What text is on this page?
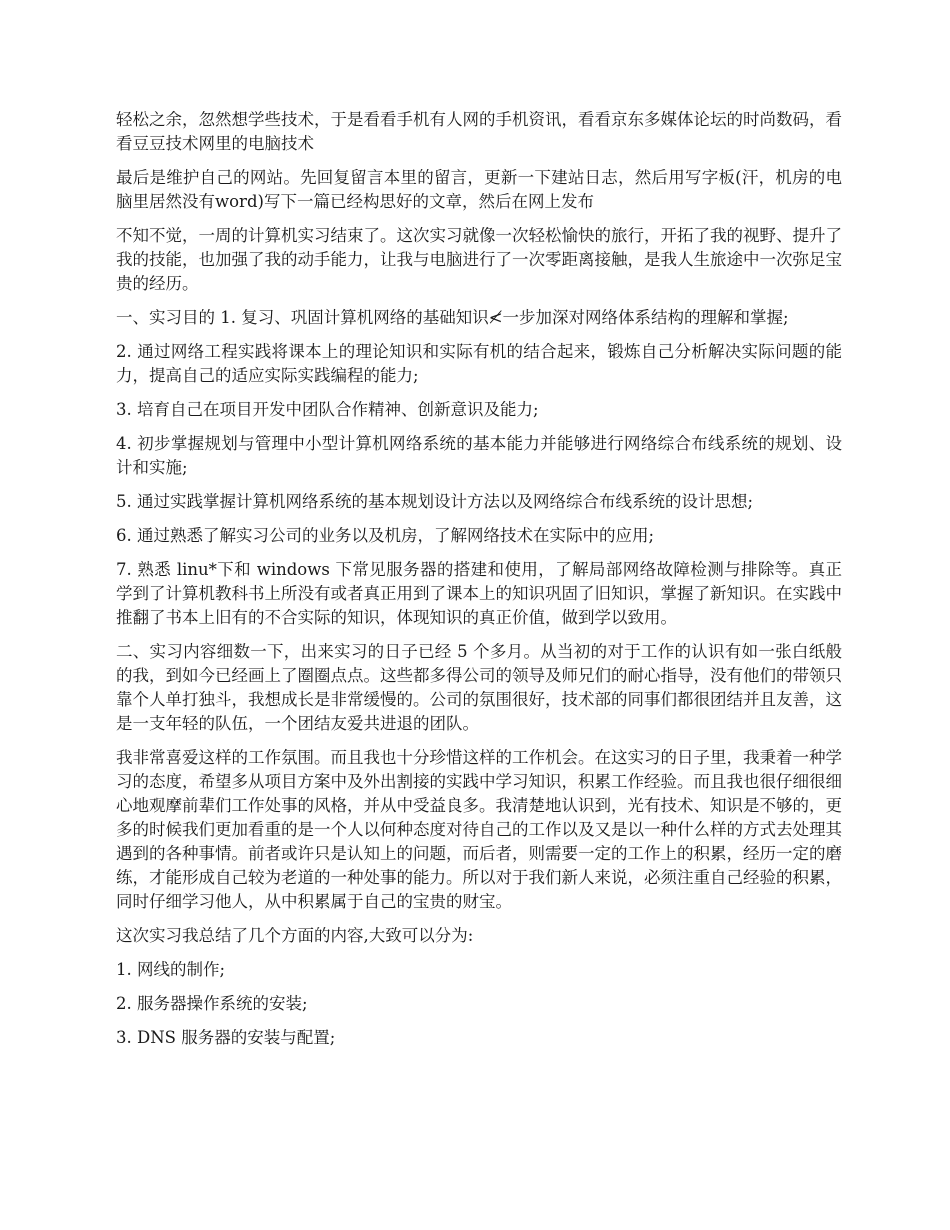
轻松之余，忽然想学些技术，于是看看手机有人网的手机资讯，看看京东多媒体论坛的时尚数码，看看豆豆技术网里的电脑技术

最后是维护自己的网站。先回复留言本里的留言，更新一下建站日志，然后用写字板(汗，机房的电脑里居然没有word)写下一篇已经构思好的文章，然后在网上发布

不知不觉，一周的计算机实习结束了。这次实习就像一次轻松愉快的旅行，开拓了我的视野、提升了我的技能，也加强了我的动手能力，让我与电脑进行了一次零距离接触，是我人生旅途中一次弥足宝贵的经历。

一、实习目的 1. 复习、巩固计算机网络的基础知识≮一步加深对网络体系结构的理解和掌握;

2. 通过网络工程实践将课本上的理论知识和实际有机的结合起来，锻炼自己分析解决实际问题的能力，提高自己的适应实际实践编程的能力;

3. 培育自己在项目开发中团队合作精神、创新意识及能力;

4. 初步掌握规划与管理中小型计算机网络系统的基本能力并能够进行网络综合布线系统的规划、设计和实施;

5. 通过实践掌握计算机网络系统的基本规划设计方法以及网络综合布线系统的设计思想;

6. 通过熟悉了解实习公司的业务以及机房，了解网络技术在实际中的应用;

7. 熟悉 linu*下和 windows 下常见服务器的搭建和使用，了解局部网络故障检测与排除等。真正学到了计算机教科书上所没有或者真正用到了课本上的知识巩固了旧知识，掌握了新知识。在实践中推翻了书本上旧有的不合实际的知识，体现知识的真正价值，做到学以致用。

二、实习内容细数一下，出来实习的日子已经 5 个多月。从当初的对于工作的认识有如一张白纸般的我，到如今已经画上了圈圈点点。这些都多得公司的领导及师兄们的耐心指导，没有他们的带领只靠个人单打独斗，我想成长是非常缓慢的。公司的氛围很好，技术部的同事们都很团结并且友善，这是一支年轻的队伍，一个团结友爱共进退的团队。

我非常喜爱这样的工作氛围。而且我也十分珍惜这样的工作机会。在这实习的日子里，我秉着一种学习的态度，希望多从项目方案中及外出割接的实践中学习知识，积累工作经验。而且我也很仔细很细心地观摩前辈们工作处事的风格，并从中受益良多。我清楚地认识到，光有技术、知识是不够的，更多的时候我们更加看重的是一个人以何种态度对待自己的工作以及又是以一种什么样的方式去处理其遇到的各种事情。前者或许只是认知上的问题，而后者，则需要一定的工作上的积累，经历一定的磨练，才能形成自己较为老道的一种处事的能力。所以对于我们新人来说，必须注重自己经验的积累，同时仔细学习他人，从中积累属于自己的宝贵的财宝。

这次实习我总结了几个方面的内容,大致可以分为:

1. 网线的制作;

2. 服务器操作系统的安装;

3. DNS 服务器的安装与配置;
